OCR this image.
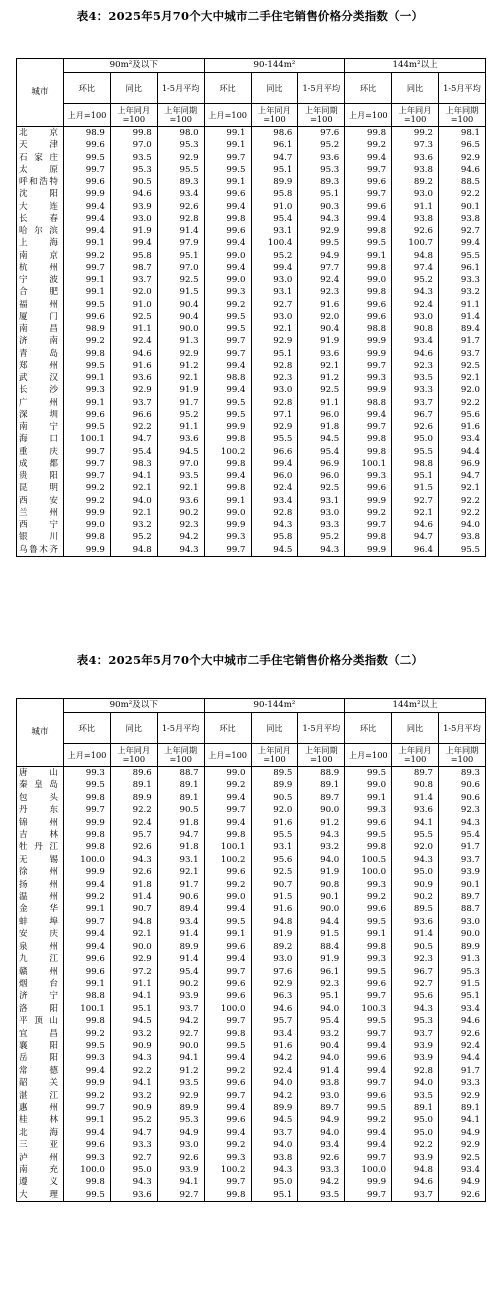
表4：2025年5月70个大中城市二手住宅销售价格分类指数（一）
城市	90m²及以下			90-144m²			144m²以上		
	环比	同比	1-5月平均	环比	同比	1-5月平均	环比	同比	1-5月平均
	上月=100	上年同月=100	上年同期=100	上月=100	上年同月=100	上年同期=100	上月=100	上年同月=100	上年同期=100
北京	98.9	99.8	98.0	99.1	98.6	97.6	99.8	99.2	98.1
天津	99.6	97.0	95.3	99.1	96.1	95.2	99.2	97.3	96.5
石家庄	99.5	93.5	92.9	99.7	94.7	93.6	99.4	93.6	92.9
太原	99.7	95.3	95.5	99.5	95.1	95.3	99.7	93.8	94.6
呼和浩特	99.6	90.5	89.3	99.1	89.9	89.3	99.6	89.2	88.5
沈阳	99.9	94.6	93.4	99.6	95.8	95.1	99.7	93.0	92.2
大连	99.4	93.9	92.6	99.4	91.0	90.3	99.6	91.1	90.1
长春	99.4	93.0	92.8	99.8	95.4	94.3	99.4	93.8	93.8
哈尔滨	99.4	91.9	91.4	99.6	93.1	92.9	99.8	92.6	92.7
上海	99.1	99.4	97.9	99.4	100.4	99.5	99.5	100.7	99.4
南京	99.2	95.8	95.1	99.0	95.2	94.9	99.1	94.8	95.5
杭州	99.7	98.7	97.0	99.4	99.4	97.7	99.8	97.4	96.1
宁波	99.1	93.7	92.5	99.0	93.0	92.4	99.0	95.2	93.3
合肥	99.1	92.0	91.5	99.3	93.1	92.3	99.8	94.3	93.2
福州	99.5	91.0	90.4	99.2	92.7	91.6	99.6	92.4	91.1
厦门	99.6	92.5	90.4	99.5	93.0	92.0	99.6	93.0	91.4
南昌	98.9	91.1	90.0	99.5	92.1	90.4	98.8	90.8	89.4
济南	99.2	92.4	91.3	99.7	92.9	91.9	99.9	93.4	91.7
青岛	99.8	94.6	92.9	99.7	95.1	93.6	99.9	94.6	93.7
郑州	99.5	91.6	91.2	99.4	92.8	92.1	99.7	92.3	92.5
武汉	99.1	93.6	92.1	98.8	92.3	91.2	99.3	93.5	92.1
长沙	99.3	92.9	91.9	99.4	93.0	92.5	99.9	93.3	92.0
广州	99.1	93.7	91.7	99.5	92.8	91.1	98.8	93.7	92.2
深圳	99.6	96.6	95.2	99.5	97.1	96.0	99.4	96.7	95.6
南宁	99.5	92.2	91.1	99.9	92.9	91.8	99.7	92.6	91.6
海口	100.1	94.7	93.6	99.8	95.5	94.5	99.8	95.0	93.4
重庆	99.7	95.4	94.5	100.2	96.6	95.4	99.8	95.5	94.4
成都	99.7	98.3	97.0	99.8	99.4	96.9	100.1	98.8	96.9
贵阳	99.7	94.1	93.5	99.4	96.0	96.0	99.3	95.1	94.7
昆明	99.2	92.1	92.1	99.8	92.4	92.5	99.6	91.5	92.1
西安	99.2	94.0	93.6	99.1	93.4	93.1	99.9	92.7	92.2
兰州	99.9	92.1	90.2	99.0	92.8	93.0	99.2	92.1	92.2
西宁	99.0	93.2	92.3	99.9	94.3	93.3	99.7	94.6	94.0
银川	99.8	95.2	94.2	99.3	95.8	95.2	99.8	94.7	93.8
乌鲁木齐	99.9	94.8	94.3	99.7	94.5	94.3	99.9	96.4	95.5
表4：2025年5月70个大中城市二手住宅销售价格分类指数（二）
城市	90m²及以下			90-144m²			144m²以上		
	环比	同比	1-5月平均	环比	同比	1-5月平均	环比	同比	1-5月平均
	上月=100	上年同月=100	上年同期=100	上月=100	上年同月=100	上年同期=100	上月=100	上年同月=100	上年同期=100
唐山	99.3	89.6	88.7	99.0	89.5	88.9	99.5	89.7	89.3
秦皇岛	99.5	89.1	89.1	99.2	89.9	89.1	99.0	90.8	90.6
包头	99.8	89.9	89.1	99.4	90.5	89.7	99.1	91.4	90.6
丹东	99.7	92.2	90.5	99.7	92.0	90.0	99.3	93.6	92.3
锦州	99.9	92.4	91.8	99.4	91.6	91.2	99.6	94.1	94.3
吉林	99.8	95.7	94.7	99.8	95.5	94.3	99.5	95.5	95.4
牡丹江	99.8	92.6	91.8	100.1	93.1	93.2	99.8	92.0	91.7
无锡	100.0	94.3	93.1	100.2	95.6	94.0	100.5	94.3	93.7
徐州	99.9	92.6	92.1	99.6	92.5	91.9	100.0	95.0	93.9
扬州	99.4	91.8	91.7	99.2	90.7	90.8	99.3	90.9	90.1
温州	99.2	91.4	90.6	99.0	91.5	90.1	99.2	90.2	89.7
金华	99.1	90.7	89.4	99.4	91.6	90.0	99.6	89.5	88.7
蚌埠	99.7	94.8	93.4	99.5	94.8	94.4	99.5	93.6	93.0
安庆	99.4	92.1	91.4	99.1	91.9	91.5	99.1	91.4	90.0
泉州	99.4	90.0	89.9	99.6	89.2	88.4	99.8	90.5	89.9
九江	99.6	92.9	91.4	99.4	93.0	91.9	99.3	92.3	91.3
赣州	99.6	97.2	95.4	99.7	97.6	96.1	99.5	96.7	95.3
烟台	99.1	91.1	90.2	99.6	92.9	92.3	99.6	92.7	91.5
济宁	98.8	94.1	93.9	99.6	96.3	95.1	99.7	95.6	95.1
洛阳	100.1	95.1	93.7	100.0	94.6	94.0	100.3	94.3	93.4
平顶山	99.8	94.5	94.2	99.7	95.7	95.4	99.5	95.3	94.6
宜昌	99.2	93.2	92.7	99.8	93.4	93.2	99.7	93.7	92.6
襄阳	99.5	90.9	90.0	99.5	91.6	90.4	99.4	93.9	92.4
岳阳	99.3	94.3	94.1	99.4	94.2	94.0	99.6	93.9	94.4
常德	99.4	92.2	91.2	99.2	92.4	91.4	99.4	92.8	91.7
韶关	99.9	94.1	93.5	99.6	94.0	93.8	99.7	94.0	93.3
湛江	99.2	93.2	92.9	99.7	94.2	93.0	99.6	93.5	92.9
惠州	99.7	90.9	89.9	99.4	89.9	89.7	99.5	89.1	89.1
桂林	99.1	95.2	95.3	99.6	94.5	94.9	99.2	95.0	94.1
北海	99.4	94.7	94.9	99.4	93.7	94.0	99.4	95.0	94.9
三亚	99.6	93.3	93.0	99.2	94.0	93.4	99.4	92.2	92.9
泸州	99.3	92.7	92.6	99.3	93.8	92.6	99.7	93.9	92.5
南充	100.0	95.0	93.9	100.2	94.3	93.3	100.0	94.8	93.4
遵义	99.8	94.3	94.1	99.7	95.0	94.2	99.9	94.6	94.9
大理	99.5	93.6	92.7	99.8	95.1	93.5	99.7	93.7	92.6
